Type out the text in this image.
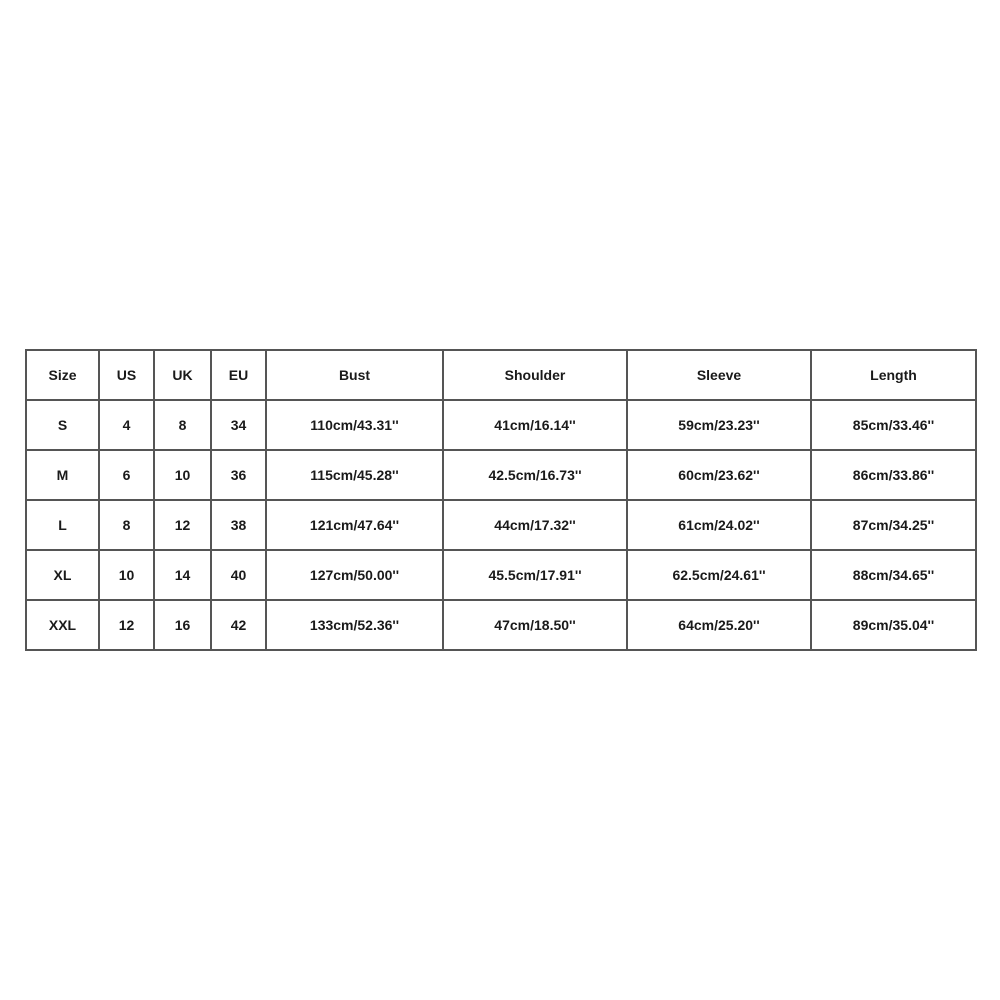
Size	US	UK	EU	Bust	Shoulder	Sleeve	Length
S	4	8	34	110cm/43.31''	41cm/16.14''	59cm/23.23''	85cm/33.46''
M	6	10	36	115cm/45.28''	42.5cm/16.73''	60cm/23.62''	86cm/33.86''
L	8	12	38	121cm/47.64''	44cm/17.32''	61cm/24.02''	87cm/34.25''
XL	10	14	40	127cm/50.00''	45.5cm/17.91''	62.5cm/24.61''	88cm/34.65''
XXL	12	16	42	133cm/52.36''	47cm/18.50''	64cm/25.20''	89cm/35.04''
